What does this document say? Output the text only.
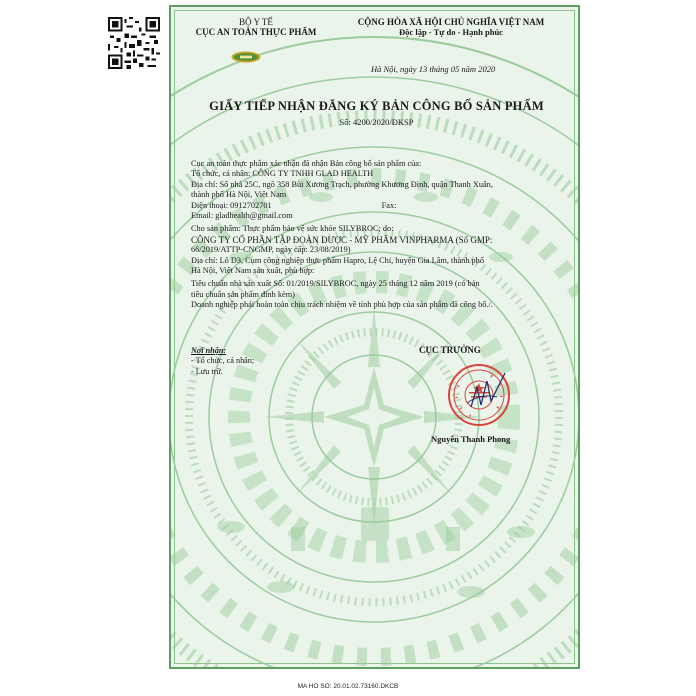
BỘ Y TẾ
CỤC AN TOÀN THỰC PHẨM
CỘNG HÒA XÃ HỘI CHỦ NGHĨA VIỆT NAM
Độc lập - Tự do - Hạnh phúc
Hà Nội, ngày 13 tháng 05 năm 2020
GIẤY TIẾP NHẬN ĐĂNG KÝ BẢN CÔNG BỐ SẢN PHẨM
Số: 4200/2020/ĐKSP

Cục an toàn thực phẩm xác nhận đã nhận Bản công bố sản phẩm của:

Tổ chức, cá nhân: CÔNG TY TNHH GLAD HEALTH

Địa chỉ: Số nhà 25C, ngõ 358 Bùi Xương Trạch, phường Khương Đình, quận Thanh Xuân,

thành phố Hà Nội, Việt Nam

Điện thoại: 0912702701	Fax:

Email: gladhealth@gmail.com

Cho sản phẩm: Thực phẩm bảo vệ sức khỏe SILYBROC; do:

CÔNG TY CỔ PHẦN TẬP ĐOÀN DƯỢC - MỸ PHẨM VINPHARMA (Số GMP:

66/2019/ATTP-CNGMP, ngày cấp: 23/08/2019)

Địa chỉ: Lô D3, Cụm công nghiệp thực phẩm Hapro, Lệ Chi, huyện Gia Lâm, thành phố

Hà Nội, Việt Nam sản xuất, phù hợp:

Tiêu chuẩn nhà sản xuất Số: 01/2019/SILYBROC, ngày 25 tháng 12 năm 2019 (có bản

tiêu chuẩn sản phẩm đính kèm)

Doanh nghiệp phải hoàn toàn chịu trách nhiệm về tính phù hợp của sản phẩm đã công bố./.

Nơi nhận:
- Tổ chức, cá nhân;
- Lưu trữ.
CỤC TRƯỞNG
Nguyễn Thanh Phong
MA HO SO: 20.01.02.73160.DKCB
